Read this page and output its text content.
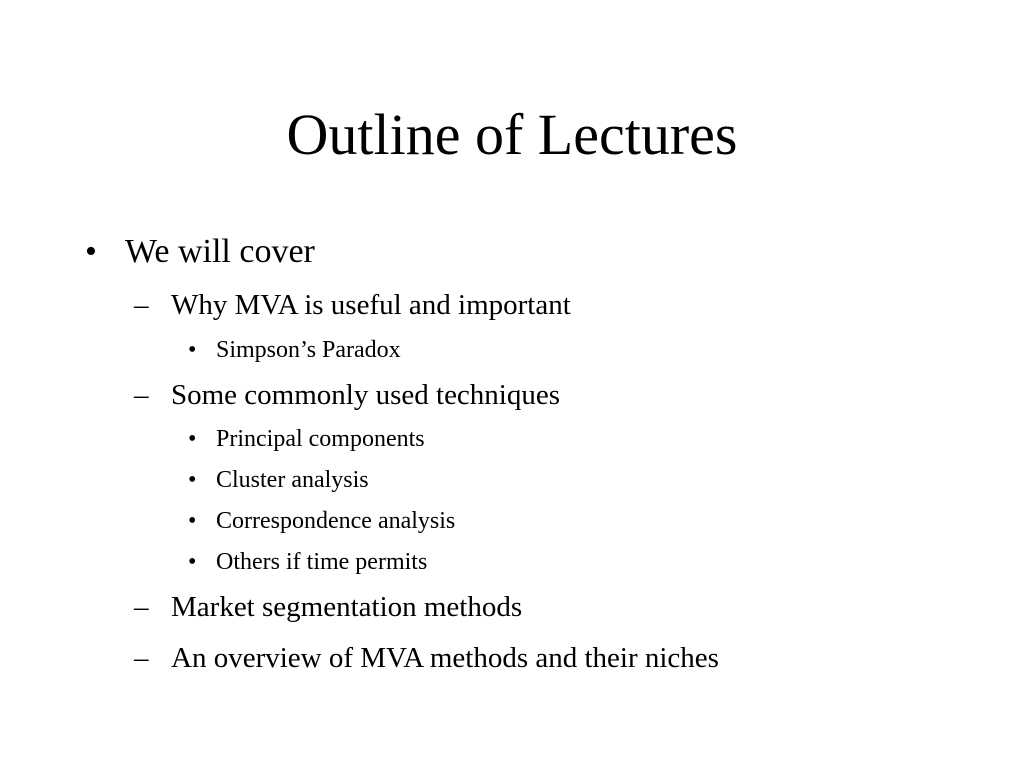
Outline of Lectures
• We will cover
– Why MVA is useful and important
• Simpson’s Paradox
– Some commonly used techniques
• Principal components
• Cluster analysis
• Correspondence analysis
• Others if time permits
– Market segmentation methods
– An overview of MVA methods and their niches
